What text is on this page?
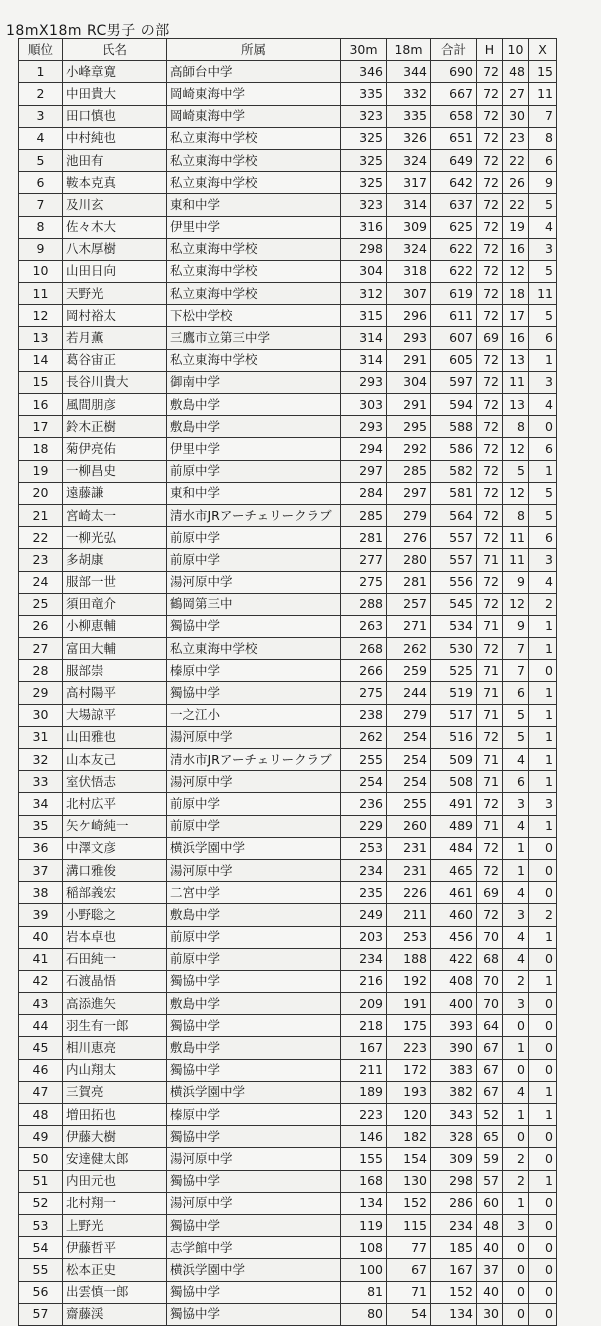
18mX18m RC男子 の部
順位	氏名	所属	30m	18m	合計	H	10	X
1	小峰章寛	高師台中学	346	344	690	72	48	15
2	中田貴大	岡崎東海中学	335	332	667	72	27	11
3	田口慎也	岡崎東海中学	323	335	658	72	30	7
4	中村純也	私立東海中学校	325	326	651	72	23	8
5	池田有	私立東海中学校	325	324	649	72	22	6
6	鞍本克真	私立東海中学校	325	317	642	72	26	9
7	及川玄	東和中学	323	314	637	72	22	5
8	佐々木大	伊里中学	316	309	625	72	19	4
9	八木厚樹	私立東海中学校	298	324	622	72	16	3
10	山田日向	私立東海中学校	304	318	622	72	12	5
11	天野光	私立東海中学校	312	307	619	72	18	11
12	岡村裕太	下松中学校	315	296	611	72	17	5
13	若月薫	三鷹市立第三中学	314	293	607	69	16	6
14	葛谷宙正	私立東海中学校	314	291	605	72	13	1
15	長谷川貴大	御南中学	293	304	597	72	11	3
16	風間朋彦	敷島中学	303	291	594	72	13	4
17	鈴木正樹	敷島中学	293	295	588	72	8	0
18	菊伊亮佑	伊里中学	294	292	586	72	12	6
19	一柳昌史	前原中学	297	285	582	72	5	1
20	遠藤謙	東和中学	284	297	581	72	12	5
21	宮崎太一	清水市JRアーチェリークラブ	285	279	564	72	8	5
22	一柳光弘	前原中学	281	276	557	72	11	6
23	多胡康	前原中学	277	280	557	71	11	3
24	服部一世	湯河原中学	275	281	556	72	9	4
25	須田竜介	鶴岡第三中	288	257	545	72	12	2
26	小柳恵輔	獨協中学	263	271	534	71	9	1
27	富田大輔	私立東海中学校	268	262	530	72	7	1
28	服部崇	榛原中学	266	259	525	71	7	0
29	高村陽平	獨協中学	275	244	519	71	6	1
30	大場諒平	一之江小	238	279	517	71	5	1
31	山田雅也	湯河原中学	262	254	516	72	5	1
32	山本友己	清水市JRアーチェリークラブ	255	254	509	71	4	1
33	室伏悟志	湯河原中学	254	254	508	71	6	1
34	北村広平	前原中学	236	255	491	72	3	3
35	矢ケ崎純一	前原中学	229	260	489	71	4	1
36	中澤文彦	横浜学園中学	253	231	484	72	1	0
37	溝口雅俊	湯河原中学	234	231	465	72	1	0
38	稲部義宏	二宮中学	235	226	461	69	4	0
39	小野聡之	敷島中学	249	211	460	72	3	2
40	岩本卓也	前原中学	203	253	456	70	4	1
41	石田純一	前原中学	234	188	422	68	4	0
42	石渡晶悟	獨協中学	216	192	408	70	2	1
43	高添進矢	敷島中学	209	191	400	70	3	0
44	羽生有一郎	獨協中学	218	175	393	64	0	0
45	相川恵亮	敷島中学	167	223	390	67	1	0
46	内山翔太	獨協中学	211	172	383	67	0	0
47	三賀亮	横浜学園中学	189	193	382	67	4	1
48	増田拓也	榛原中学	223	120	343	52	1	1
49	伊藤大樹	獨協中学	146	182	328	65	0	0
50	安達健太郎	湯河原中学	155	154	309	59	2	0
51	内田元也	獨協中学	168	130	298	57	2	1
52	北村翔一	湯河原中学	134	152	286	60	1	0
53	上野光	獨協中学	119	115	234	48	3	0
54	伊藤哲平	志学館中学	108	77	185	40	0	0
55	松本正史	横浜学園中学	100	67	167	37	0	0
56	出雲慎一郎	獨協中学	81	71	152	40	0	0
57	齋藤渓	獨協中学	80	54	134	30	0	0
